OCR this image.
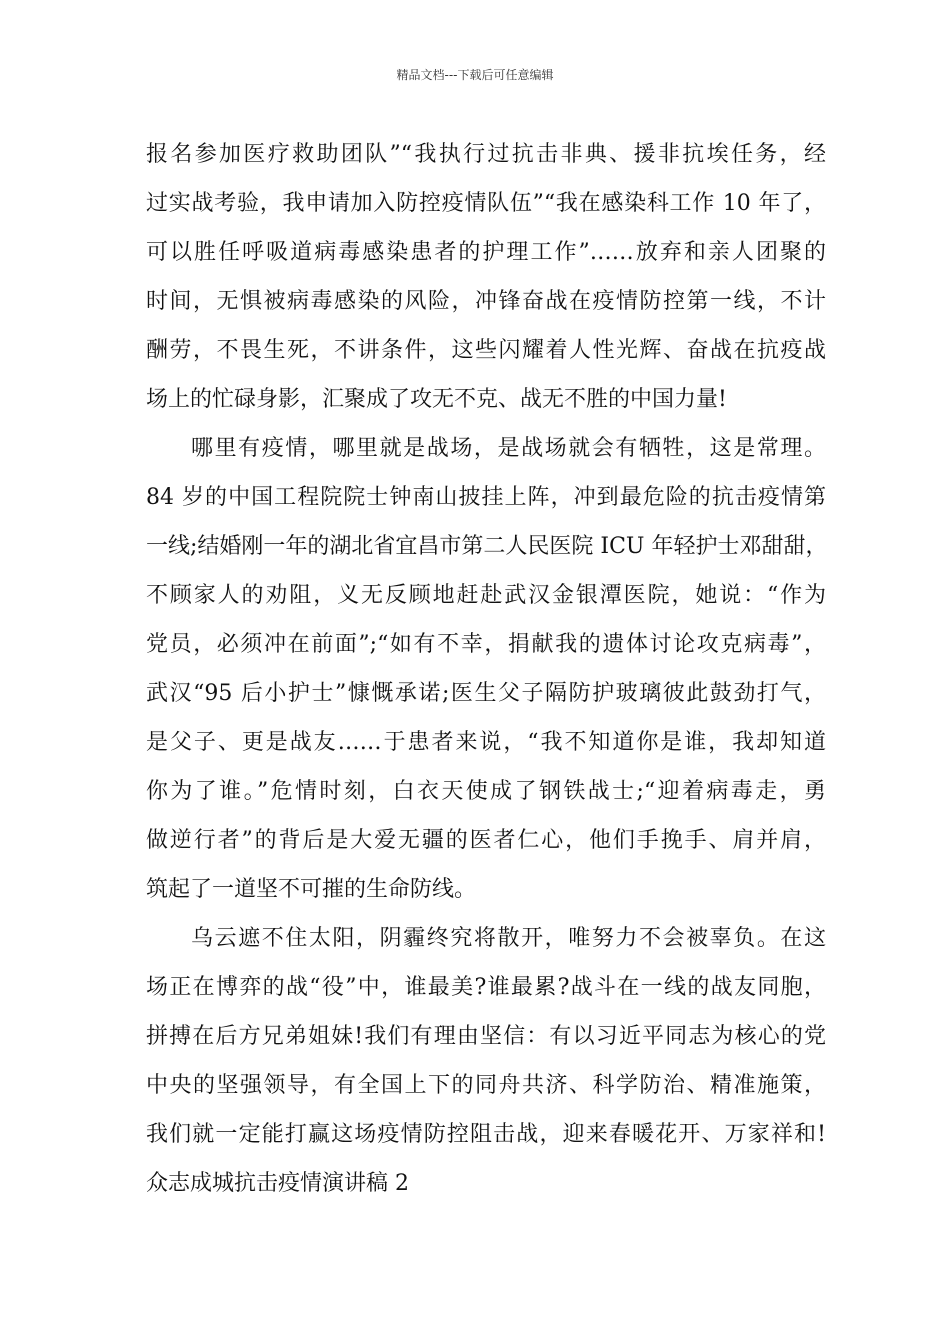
精品文档---下载后可任意编辑
报名参加医疗救助团队”“我执行过抗击非典、援非抗埃任务，经
过实战考验，我申请加入防控疫情队伍”“我在感染科工作 10 年了，
可以胜任呼吸道病毒感染患者的护理工作”……放弃和亲人团聚的
时间，无惧被病毒感染的风险，冲锋奋战在疫情防控第一线，不计
酬劳，不畏生死，不讲条件，这些闪耀着人性光辉、奋战在抗疫战
场上的忙碌身影，汇聚成了攻无不克、战无不胜的中国力量!
哪里有疫情，哪里就是战场，是战场就会有牺牲，这是常理。
84 岁的中国工程院院士钟南山披挂上阵，冲到最危险的抗击疫情第
一线;结婚刚一年的湖北省宜昌市第二人民医院 ICU 年轻护士邓甜甜，
不顾家人的劝阻，义无反顾地赶赴武汉金银潭医院，她说：“作为
党员，必须冲在前面”;“如有不幸，捐献我的遗体讨论攻克病毒”，
武汉“95 后小护士”慷慨承诺;医生父子隔防护玻璃彼此鼓劲打气，
是父子、更是战友……于患者来说，“我不知道你是谁，我却知道
你为了谁。”危情时刻，白衣天使成了钢铁战士;“迎着病毒走，勇
做逆行者”的背后是大爱无疆的医者仁心，他们手挽手、肩并肩，
筑起了一道坚不可摧的生命防线。
乌云遮不住太阳，阴霾终究将散开，唯努力不会被辜负。在这
场正在博弈的战“役”中，谁最美?谁最累?战斗在一线的战友同胞，
拼搏在后方兄弟姐妹!我们有理由坚信：有以习近平同志为核心的党
中央的坚强领导，有全国上下的同舟共济、科学防治、精准施策，
我们就一定能打赢这场疫情防控阻击战，迎来春暖花开、万家祥和!
众志成城抗击疫情演讲稿 2
